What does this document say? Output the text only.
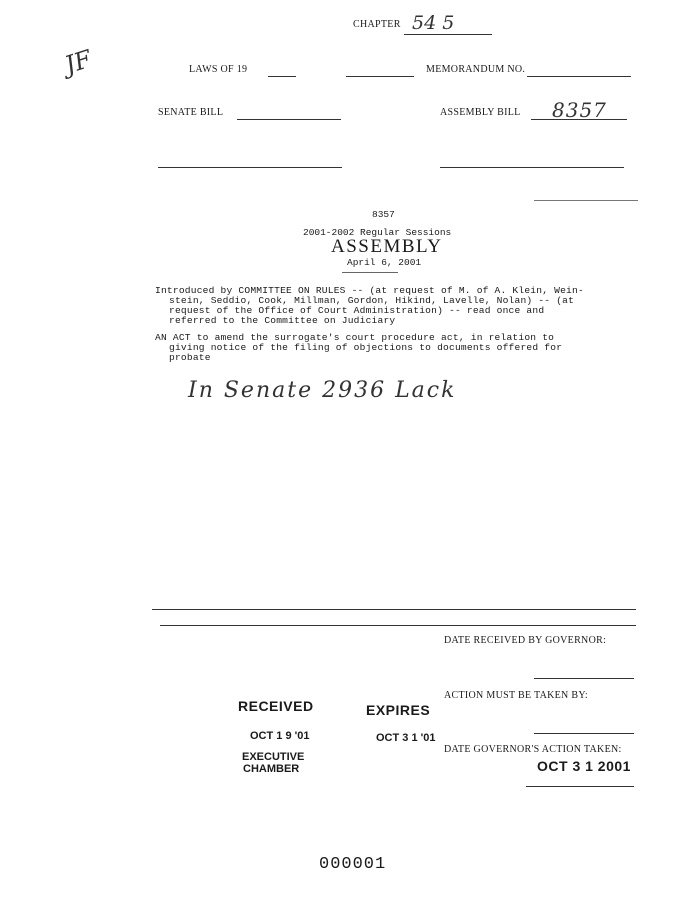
CHAPTER 54 5
JF	LAWS OF 19	MEMORANDUM NO.
SENATE BILL	ASSEMBLY BILL 8357
8357
2001-2002 Regular Sessions
ASSEMBLY
April 6, 2001
Introduced by COMMITTEE ON RULES -- (at request of M. of A. Klein, Wein-
stein, Seddio, Cook, Millman, Gordon, Hikind, Lavelle, Nolan) -- (at
request of the Office of Court Administration) -- read once and
referred to the Committee on Judiciary
AN ACT to amend the surrogate's court procedure act, in relation to
giving notice of the filing of objections to documents offered for
probate
In Senate 2936 Lack
DATE RECEIVED BY GOVERNOR:
ACTION MUST BE TAKEN BY:
DATE GOVERNOR'S ACTION TAKEN:
OCT 3 1 2001
RECEIVED
OCT 1 9 '01
EXECUTIVE
CHAMBER
EXPIRES
OCT 3 1 '01
000001
